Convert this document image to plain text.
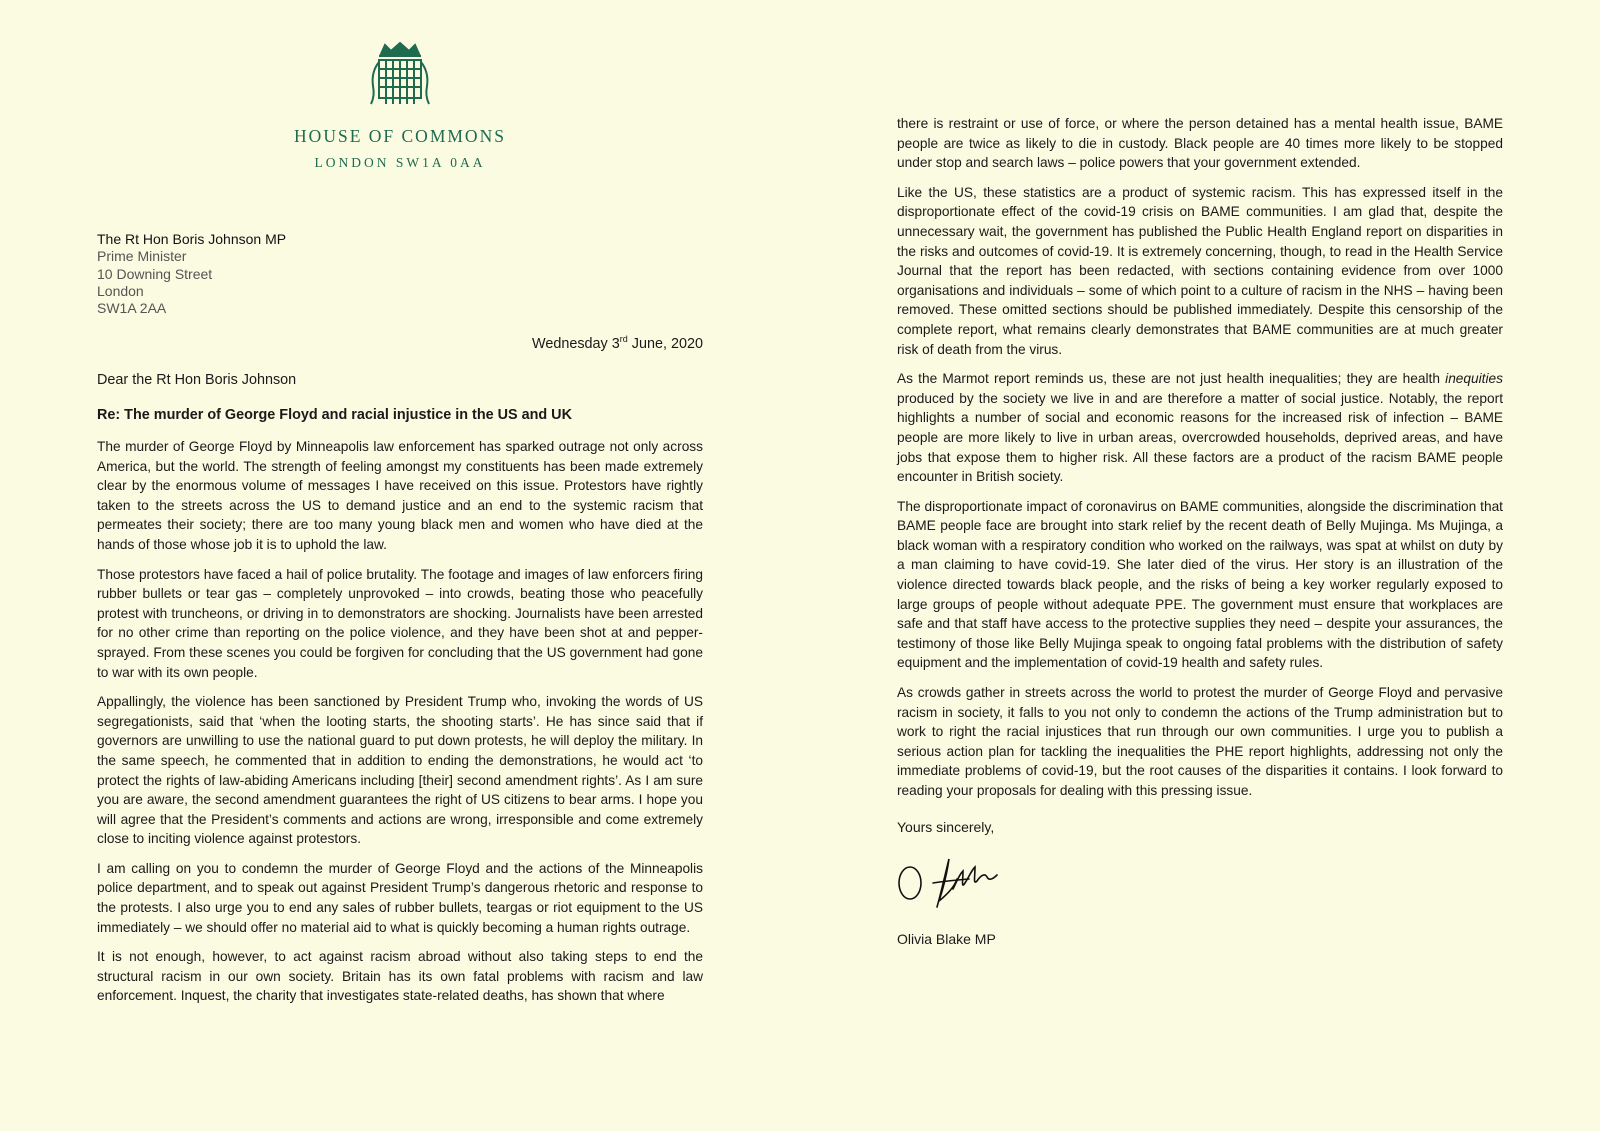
HOUSE OF COMMONS
LONDON SW1A 0AA
The Rt Hon Boris Johnson MP
Prime Minister
10 Downing Street
London
SW1A 2AA
Wednesday 3rd June, 2020
Dear the Rt Hon Boris Johnson
Re: The murder of George Floyd and racial injustice in the US and UK

The murder of George Floyd by Minneapolis law enforcement has sparked outrage not only across America, but the world. The strength of feeling amongst my constituents has been made extremely clear by the enormous volume of messages I have received on this issue. Protestors have rightly taken to the streets across the US to demand justice and an end to the systemic racism that permeates their society; there are too many young black men and women who have died at the hands of those whose job it is to uphold the law.

Those protestors have faced a hail of police brutality. The footage and images of law enforcers firing rubber bullets or tear gas – completely unprovoked – into crowds, beating those who peacefully protest with truncheons, or driving in to demonstrators are shocking. Journalists have been arrested for no other crime than reporting on the police violence, and they have been shot at and pepper-sprayed. From these scenes you could be forgiven for concluding that the US government had gone to war with its own people.

Appallingly, the violence has been sanctioned by President Trump who, invoking the words of US segregationists, said that ‘when the looting starts, the shooting starts’. He has since said that if governors are unwilling to use the national guard to put down protests, he will deploy the military. In the same speech, he commented that in addition to ending the demonstrations, he would act ‘to protect the rights of law-abiding Americans including [their] second amendment rights’. As I am sure you are aware, the second amendment guarantees the right of US citizens to bear arms. I hope you will agree that the President’s comments and actions are wrong, irresponsible and come extremely close to inciting violence against protestors.

I am calling on you to condemn the murder of George Floyd and the actions of the Minneapolis police department, and to speak out against President Trump’s dangerous rhetoric and response to the protests. I also urge you to end any sales of rubber bullets, teargas or riot equipment to the US immediately – we should offer no material aid to what is quickly becoming a human rights outrage.

It is not enough, however, to act against racism abroad without also taking steps to end the structural racism in our own society. Britain has its own fatal problems with racism and law enforcement. Inquest, the charity that investigates state-related deaths, has shown that where

there is restraint or use of force, or where the person detained has a mental health issue, BAME people are twice as likely to die in custody. Black people are 40 times more likely to be stopped under stop and search laws – police powers that your government extended.

Like the US, these statistics are a product of systemic racism. This has expressed itself in the disproportionate effect of the covid-19 crisis on BAME communities. I am glad that, despite the unnecessary wait, the government has published the Public Health England report on disparities in the risks and outcomes of covid-19. It is extremely concerning, though, to read in the Health Service Journal that the report has been redacted, with sections containing evidence from over 1000 organisations and individuals – some of which point to a culture of racism in the NHS – having been removed. These omitted sections should be published immediately. Despite this censorship of the complete report, what remains clearly demonstrates that BAME communities are at much greater risk of death from the virus.

As the Marmot report reminds us, these are not just health inequalities; they are health inequities produced by the society we live in and are therefore a matter of social justice. Notably, the report highlights a number of social and economic reasons for the increased risk of infection – BAME people are more likely to live in urban areas, overcrowded households, deprived areas, and have jobs that expose them to higher risk. All these factors are a product of the racism BAME people encounter in British society.

The disproportionate impact of coronavirus on BAME communities, alongside the discrimination that BAME people face are brought into stark relief by the recent death of Belly Mujinga. Ms Mujinga, a black woman with a respiratory condition who worked on the railways, was spat at whilst on duty by a man claiming to have covid-19. She later died of the virus. Her story is an illustration of the violence directed towards black people, and the risks of being a key worker regularly exposed to large groups of people without adequate PPE. The government must ensure that workplaces are safe and that staff have access to the protective supplies they need – despite your assurances, the testimony of those like Belly Mujinga speak to ongoing fatal problems with the distribution of safety equipment and the implementation of covid-19 health and safety rules.

As crowds gather in streets across the world to protest the murder of George Floyd and pervasive racism in society, it falls to you not only to condemn the actions of the Trump administration but to work to right the racial injustices that run through our own communities. I urge you to publish a serious action plan for tackling the inequalities the PHE report highlights, addressing not only the immediate problems of covid-19, but the root causes of the disparities it contains. I look forward to reading your proposals for dealing with this pressing issue.

Yours sincerely,
Olivia Blake MP
